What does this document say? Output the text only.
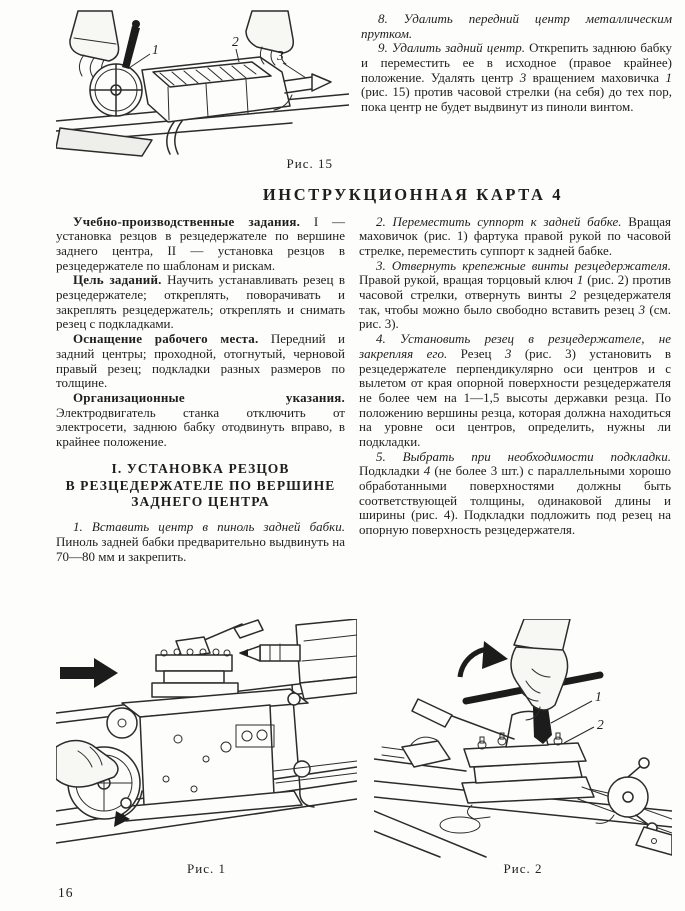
1
2
3
Рис. 15

8. Удалить передний центр металлическим прутком.

9. Удалить задний центр. Открепить заднюю бабку и переместить ее в исходное (правое крайнее) положение. Удалять центр 3 вращением маховичка 1 (рис. 15) против часовой стрелки (на себя) до тех пор, пока центр не будет выдвинут из пиноли винтом.

ИНСТРУКЦИОННАЯ КАРТА 4

Учебно-производственные задания. I — установка резцов в резцедержателе по вершине заднего центра, II — установка резцов в резцедержателе по шаблонам и рискам.

Цель заданий. Научить устанавливать резец в резцедержателе; откреплять, поворачивать и закреплять резцедержатель; откреплять и снимать резец с подкладками.

Оснащение рабочего места. Передний и задний центры; проходной, отогнутый, черновой правый резец; подкладки разных размеров по толщине.

Организационные указания. Электродвигатель станка отключить от электросети, заднюю бабку отодвинуть вправо, в крайнее положение.

I. УСТАНОВКА РЕЗЦОВ
В РЕЗЦЕДЕРЖАТЕЛЕ ПО ВЕРШИНЕ
ЗАДНЕГО ЦЕНТРА

1. Вставить центр в пиноль задней бабки. Пиноль задней бабки предварительно выдвинуть на 70—80 мм и закрепить.

2. Переместить суппорт к задней бабке. Вращая маховичок (рис. 1) фартука правой рукой по часовой стрелке, переместить суппорт к задней бабке.

3. Отвернуть крепежные винты резцедержателя. Правой рукой, вращая торцовый ключ 1 (рис. 2) против часовой стрелки, отвернуть винты 2 резцедержателя так, чтобы можно было свободно вставить резец 3 (см. рис. 3).

4. Установить резец в резцедержателе, не закрепляя его. Резец 3 (рис. 3) установить в резцедержателе перпендикулярно оси центров и с вылетом от края опорной поверхности резцедержателя не более чем на 1—1,5 высоты державки резца. По положению вершины резца, которая должна находиться на уровне оси центров, определить, нужны ли подкладки.

5. Выбрать при необходимости подкладки. Подкладки 4 (не более 3 шт.) с параллельными хорошо обработанными поверхностями должны быть соответствующей толщины, одинаковой длины и ширины (рис. 4). Подкладки подложить под резец на опорную поверхность резцедержателя.

Рис. 1
1
2
Рис. 2
16
